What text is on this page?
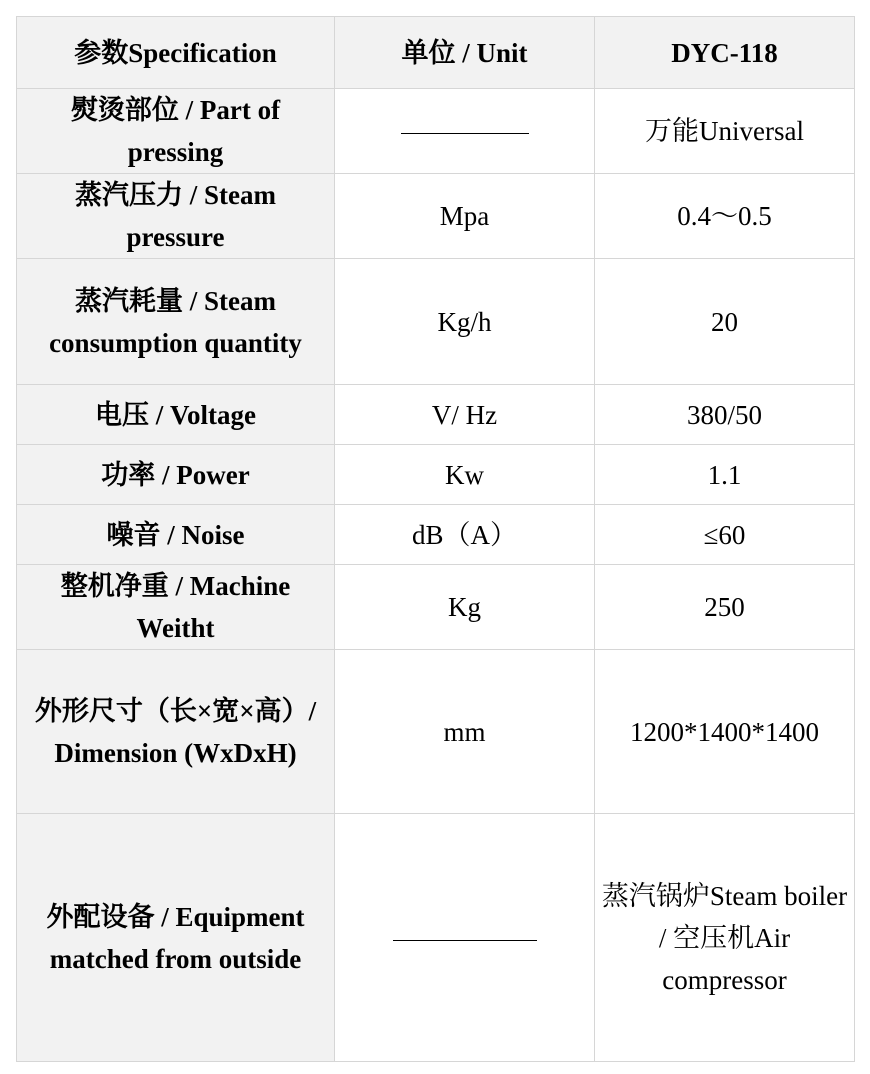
参数Specification	单位 / Unit	DYC-118
熨烫部位 / Part of pressing		万能Universal
蒸汽压力 / Steam pressure	Mpa	0.4～0.5
蒸汽耗量 / Steam consumption quantity	Kg/h	20
电压 / Voltage	V/ Hz	380/50
功率 / Power	Kw	1.1
噪音 / Noise	dB（A）	≤60
整机净重 / Machine Weitht	Kg	250
外形尺寸（长×宽×高）/ Dimension (WxDxH)	mm	1200*1400*1400
外配设备 / Equipment matched from outside		蒸汽锅炉Steam boiler / 空压机Air compressor
